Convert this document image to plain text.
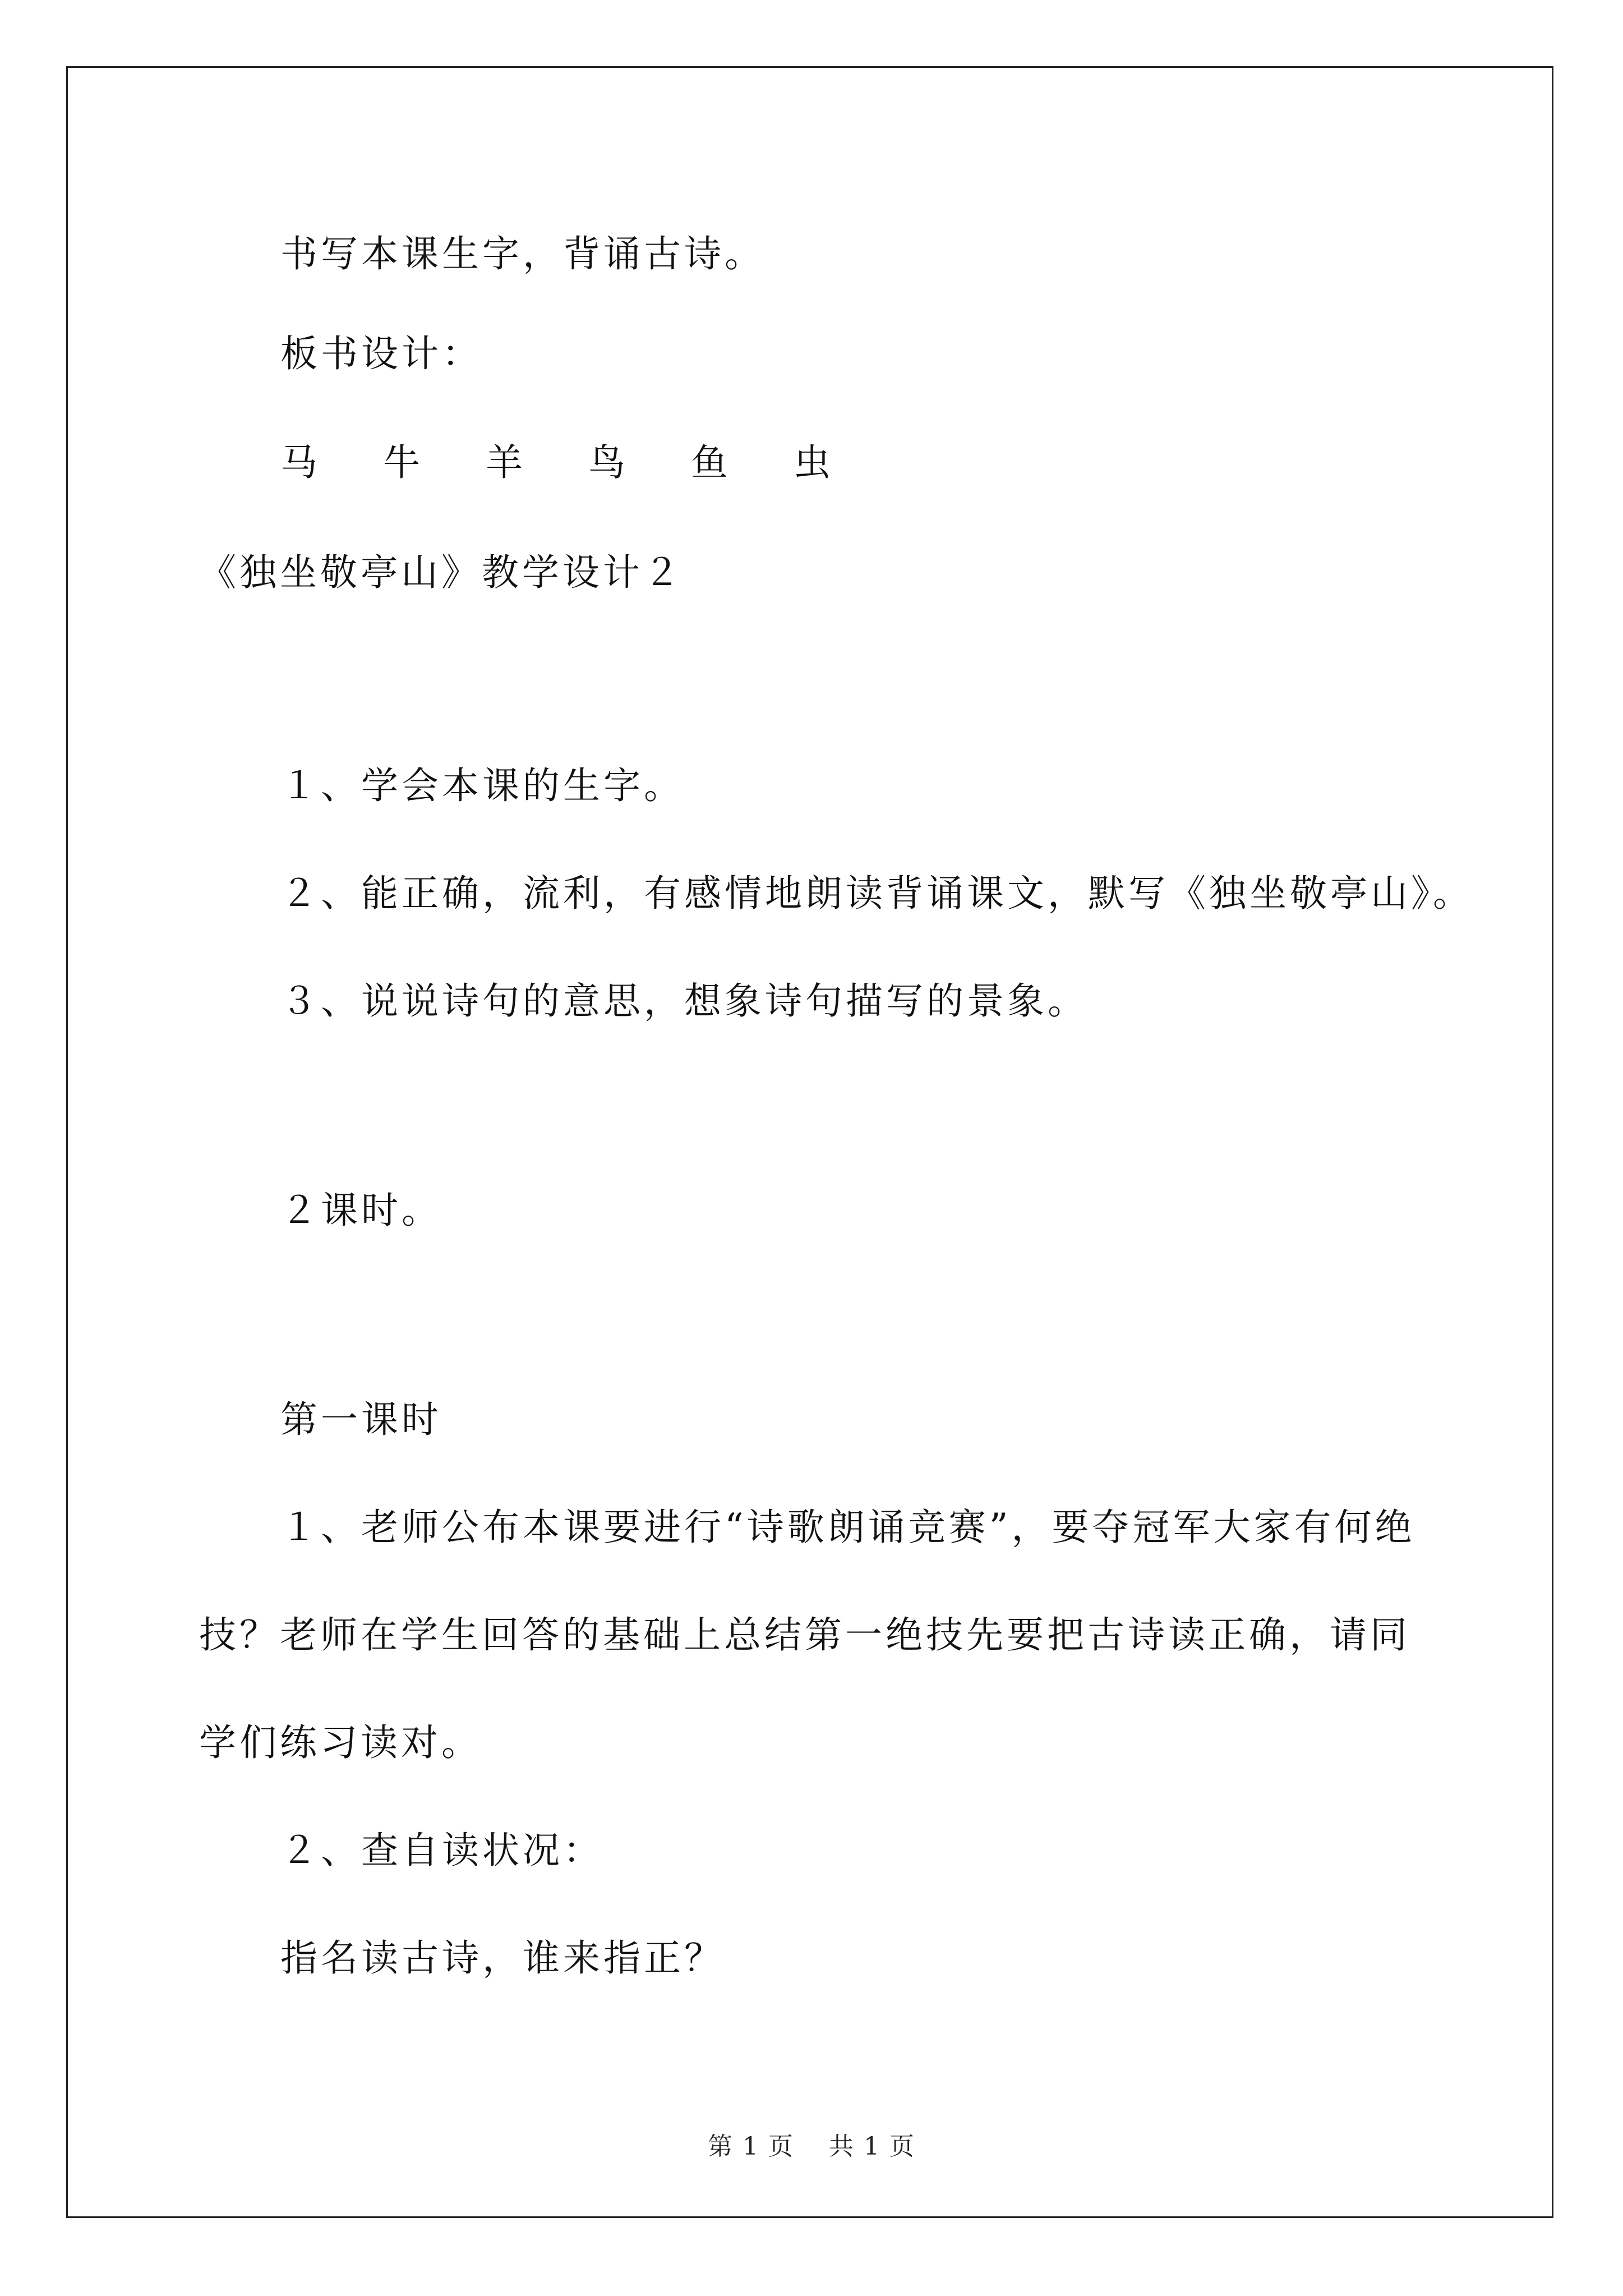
书写本课生字，背诵古诗。
板书设计：
马 牛 羊 鸟 鱼 虫
《独坐敬亭山》教学设计２
１、学会本课的生字。
２、能正确，流利，有感情地朗读背诵课文，默写《独坐敬亭山》。
３、说说诗句的意思，想象诗句描写的景象。
２课时。
第一课时
１、老师公布本课要进行“诗歌朗诵竞赛”，要夺冠军大家有何绝
技？老师在学生回答的基础上总结第一绝技先要把古诗读正确，请同
学们练习读对。
２、查自读状况：
指名读古诗，谁来指正？
第 1 页　 共 1 页
